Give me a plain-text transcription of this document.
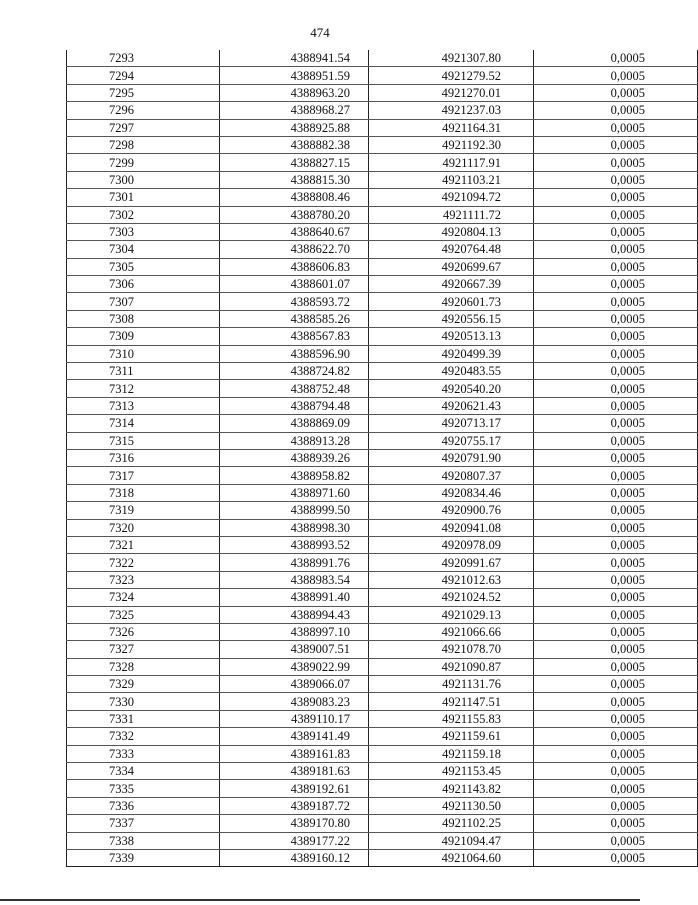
474
7293	4388941.54	4921307.80	0,0005
7294	4388951.59	4921279.52	0,0005
7295	4388963.20	4921270.01	0,0005
7296	4388968.27	4921237.03	0,0005
7297	4388925.88	4921164.31	0,0005
7298	4388882.38	4921192.30	0,0005
7299	4388827.15	4921117.91	0,0005
7300	4388815.30	4921103.21	0,0005
7301	4388808.46	4921094.72	0,0005
7302	4388780.20	4921111.72	0,0005
7303	4388640.67	4920804.13	0,0005
7304	4388622.70	4920764.48	0,0005
7305	4388606.83	4920699.67	0,0005
7306	4388601.07	4920667.39	0,0005
7307	4388593.72	4920601.73	0,0005
7308	4388585.26	4920556.15	0,0005
7309	4388567.83	4920513.13	0,0005
7310	4388596.90	4920499.39	0,0005
7311	4388724.82	4920483.55	0,0005
7312	4388752.48	4920540.20	0,0005
7313	4388794.48	4920621.43	0,0005
7314	4388869.09	4920713.17	0,0005
7315	4388913.28	4920755.17	0,0005
7316	4388939.26	4920791.90	0,0005
7317	4388958.82	4920807.37	0,0005
7318	4388971.60	4920834.46	0,0005
7319	4388999.50	4920900.76	0,0005
7320	4388998.30	4920941.08	0,0005
7321	4388993.52	4920978.09	0,0005
7322	4388991.76	4920991.67	0,0005
7323	4388983.54	4921012.63	0,0005
7324	4388991.40	4921024.52	0,0005
7325	4388994.43	4921029.13	0,0005
7326	4388997.10	4921066.66	0,0005
7327	4389007.51	4921078.70	0,0005
7328	4389022.99	4921090.87	0,0005
7329	4389066.07	4921131.76	0,0005
7330	4389083.23	4921147.51	0,0005
7331	4389110.17	4921155.83	0,0005
7332	4389141.49	4921159.61	0,0005
7333	4389161.83	4921159.18	0,0005
7334	4389181.63	4921153.45	0,0005
7335	4389192.61	4921143.82	0,0005
7336	4389187.72	4921130.50	0,0005
7337	4389170.80	4921102.25	0,0005
7338	4389177.22	4921094.47	0,0005
7339	4389160.12	4921064.60	0,0005
